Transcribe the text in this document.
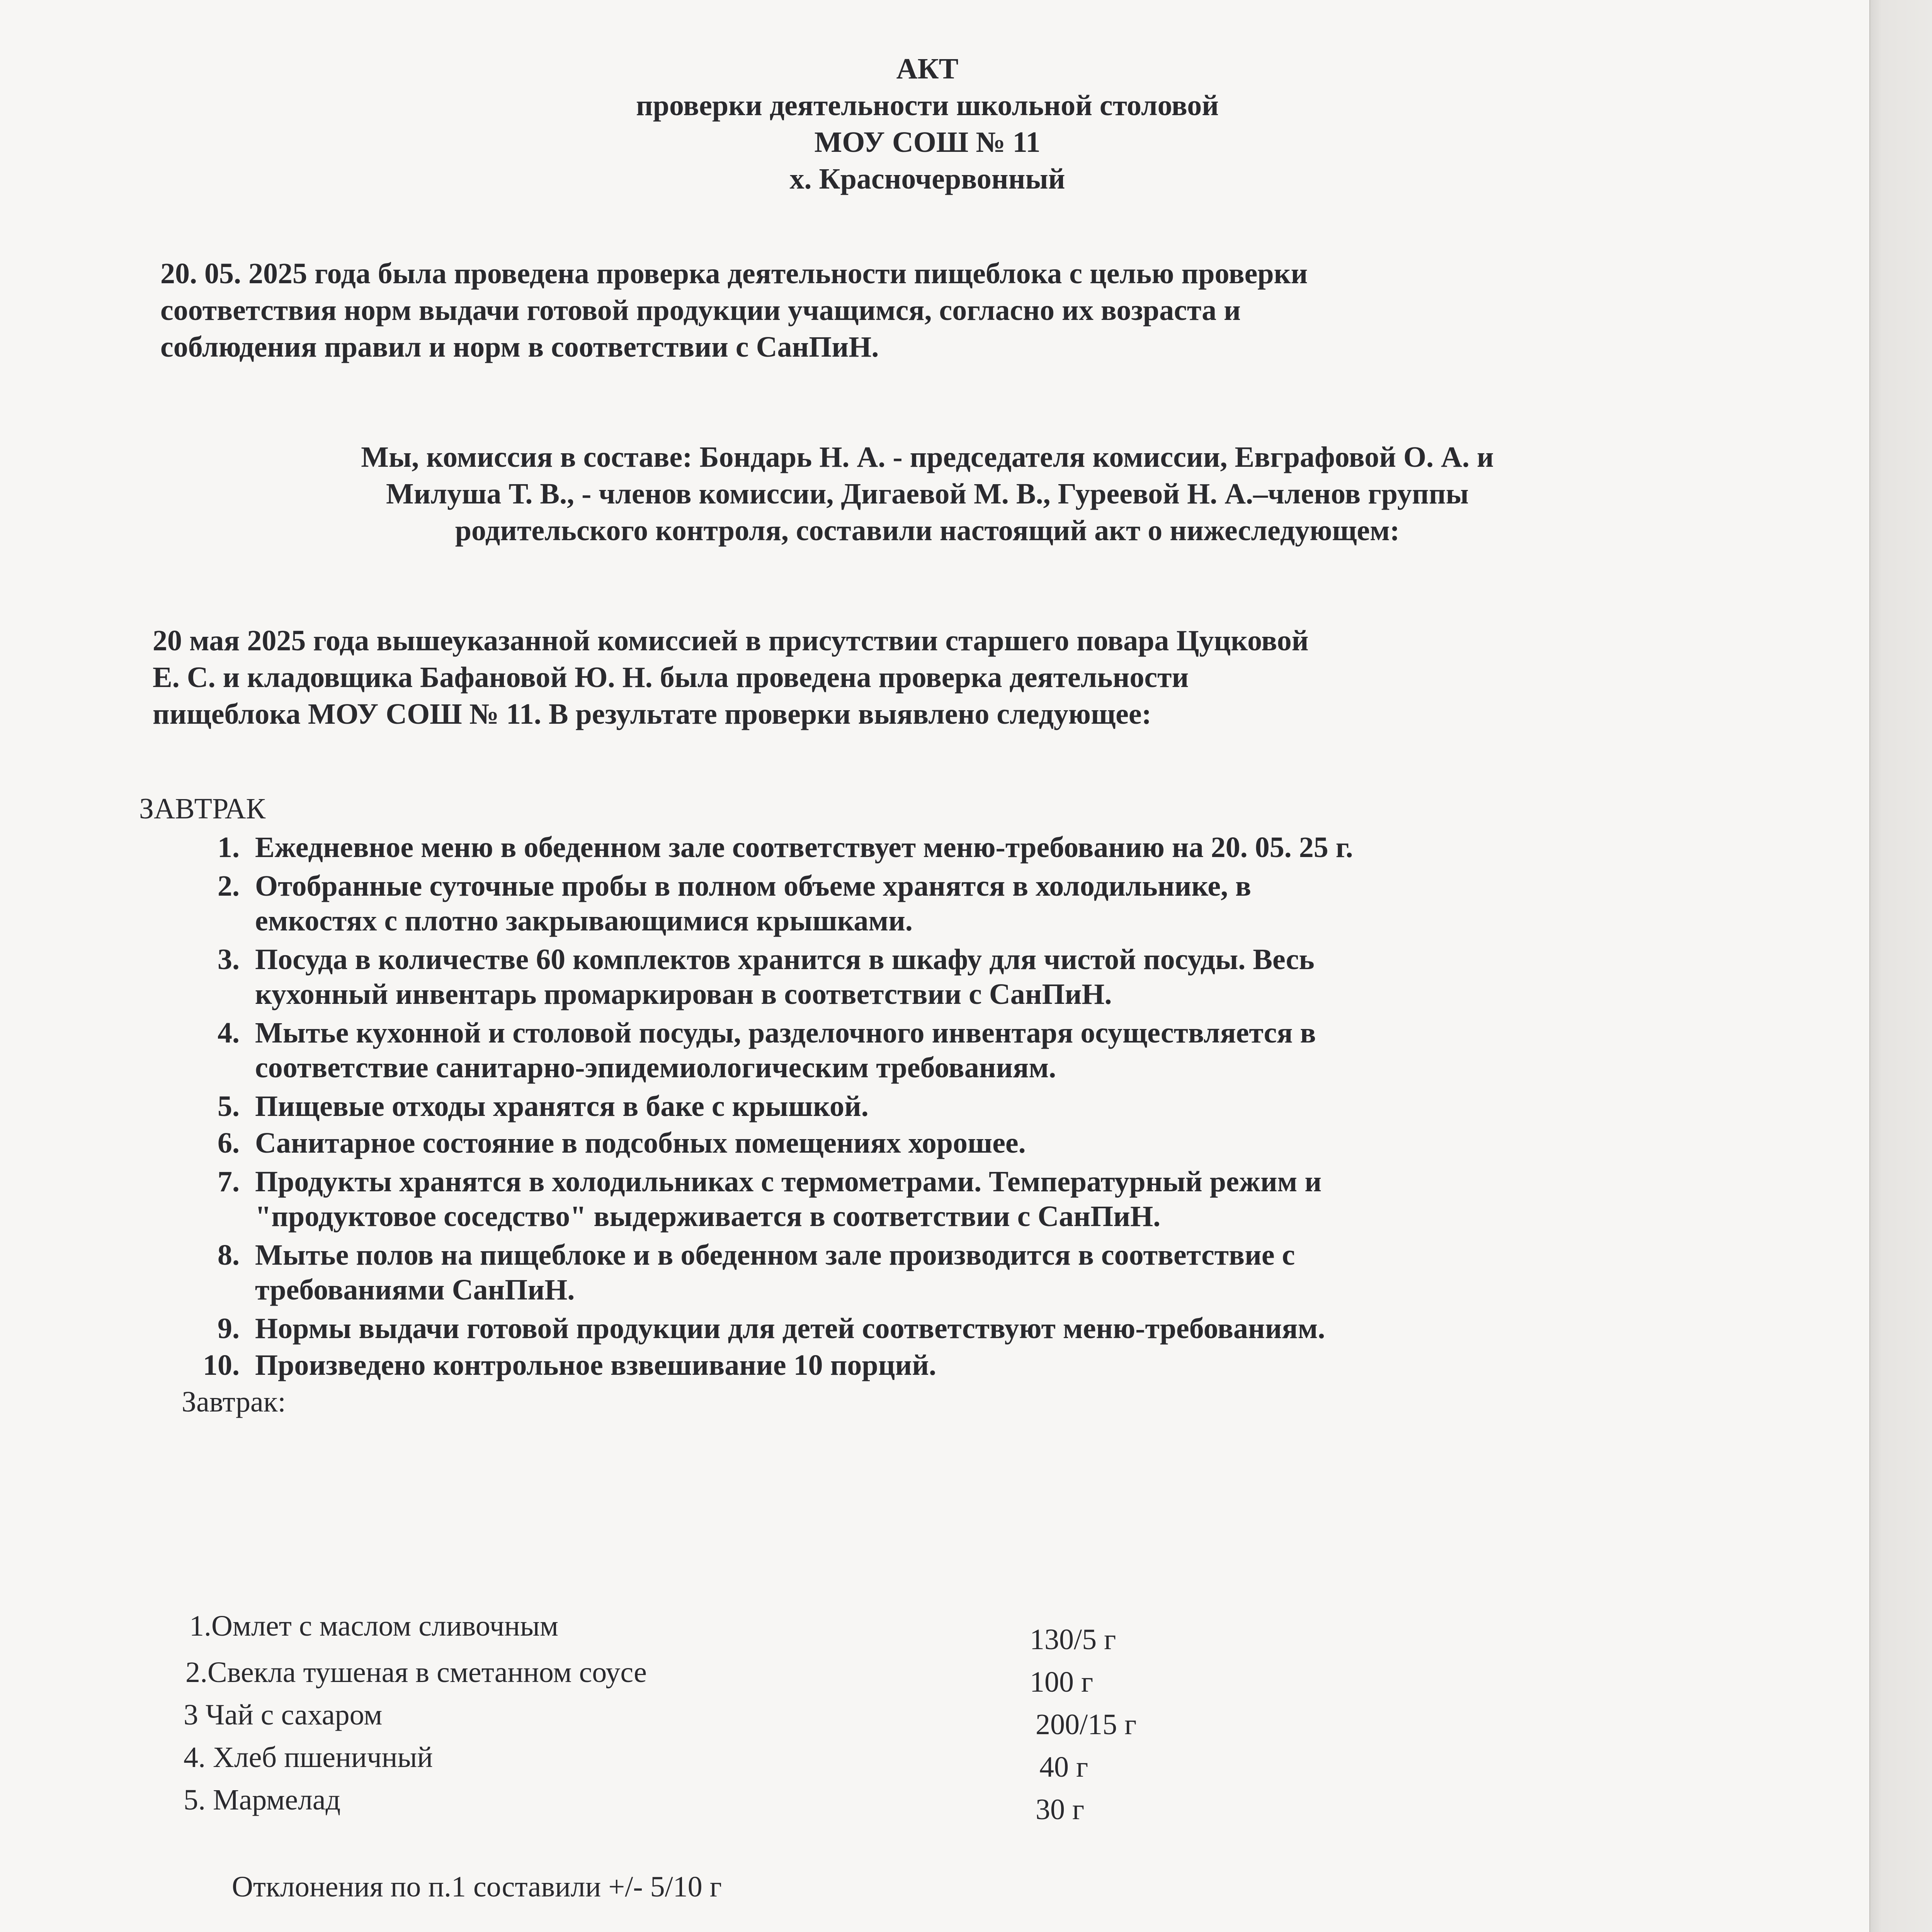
АКТ
проверки деятельности школьной столовой
МОУ СОШ № 11
х. Красночервонный
20. 05. 2025 года была проведена проверка деятельности пищеблока с целью проверки
соответствия норм выдачи готовой продукции учащимся, согласно их возраста и
соблюдения правил и норм в соответствии с СанПиН.
Мы, комиссия в составе: Бондарь Н. А. - председателя комиссии, Евграфовой О. А. и
Милуша Т. В., - членов комиссии, Дигаевой М. В., Гуреевой Н. А.–членов группы
родительского контроля, составили настоящий акт о нижеследующем:
20 мая 2025 года вышеуказанной комиссией в присутствии старшего повара Цуцковой
Е. С. и кладовщика Бафановой Ю. Н. была проведена проверка деятельности
пищеблока МОУ СОШ № 11. В результате проверки выявлено следующее:
ЗАВТРАК
1. Ежедневное меню в обеденном зале соответствует меню-требованию на 20. 05. 25 г.
2. Отобранные суточные пробы в полном объеме хранятся в холодильнике, в
емкостях с плотно закрывающимися крышками.
3. Посуда в количестве 60 комплектов хранится в шкафу для чистой посуды. Весь
кухонный инвентарь промаркирован в соответствии с СанПиН.
4. Мытье кухонной и столовой посуды, разделочного инвентаря осуществляется в
соответствие санитарно-эпидемиологическим требованиям.
5. Пищевые отходы хранятся в баке с крышкой.
6. Санитарное состояние в подсобных помещениях хорошее.
7. Продукты хранятся в холодильниках с термометрами. Температурный режим и
"продуктовое соседство" выдерживается в соответствии с СанПиН.
8. Мытье полов на пищеблоке и в обеденном зале производится в соответствие с
требованиями СанПиН.
9. Нормы выдачи готовой продукции для детей соответствуют меню-требованиям.
10. Произведено контрольное взвешивание 10 порций.
Завтрак:
1.Омлет с маслом сливочным	130/5 г
2.Свекла тушеная в сметанном соусе	100 г
3 Чай с сахаром	200/15 г
4. Хлеб пшеничный	40 г
5. Мармелад	30 г
Отклонения по п.1 составили +/- 5/10 г
